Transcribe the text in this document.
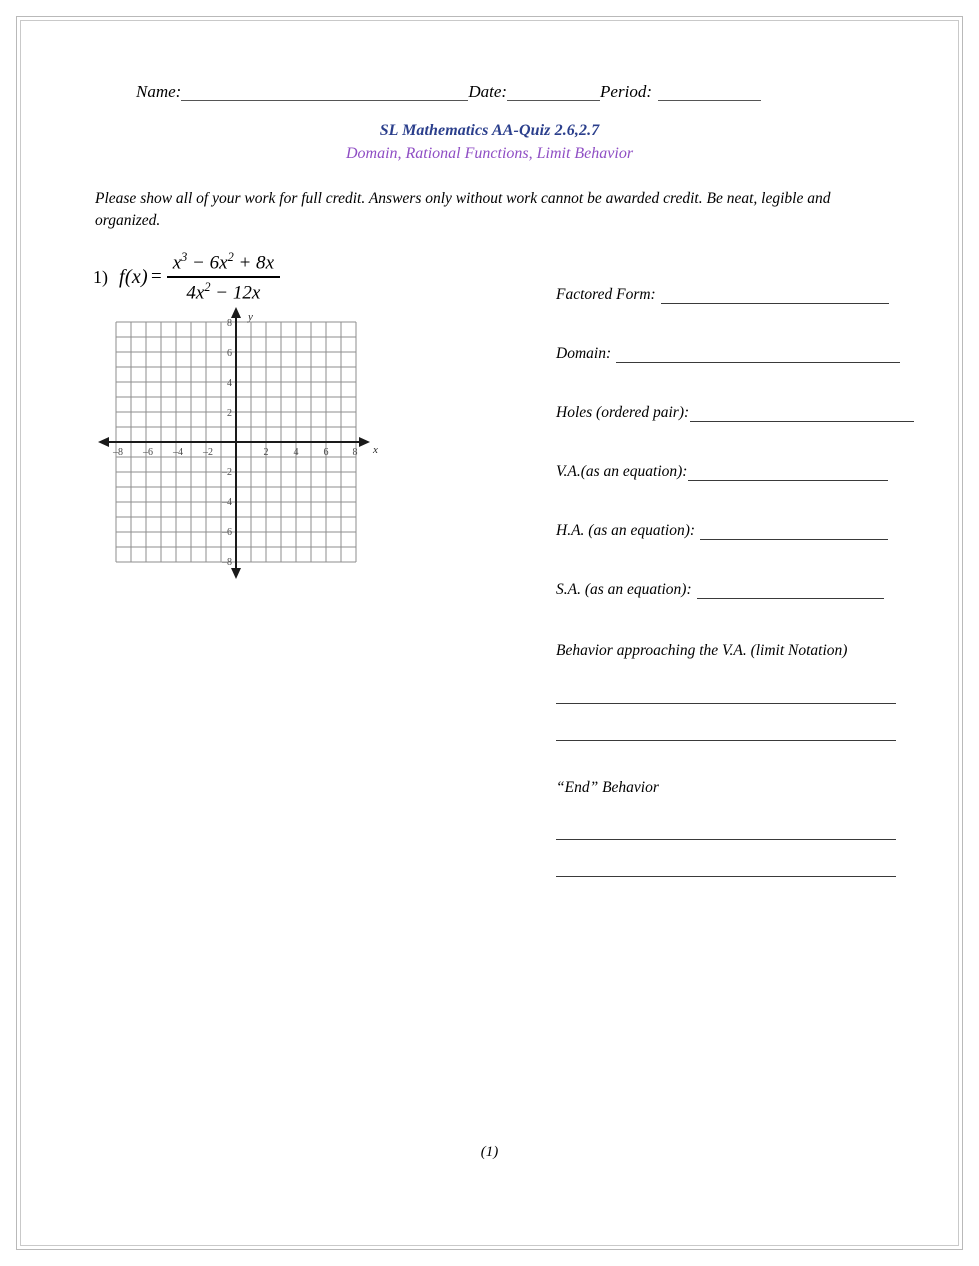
Name:	Date:	Period:
SL Mathematics AA-Quiz 2.6,2.7
Domain, Rational Functions, Limit Behavior
Please show all of your work for full credit. Answers only without work cannot be awarded credit. Be neat, legible and organized.
1) $f(x) = \frac{x^3 - 6x^2 + 8x}{4x^2 - 12x}$
y
x
–8 –6 –4 –2	2	4	6 8
8
6
4
2
–2
–4
–6
–8
Factored Form:
Domain:
Holes (ordered pair):
V.A.(as an equation):
H.A. (as an equation):
S.A. (as an equation):
Behavior approaching the V.A. (limit Notation)
“End” Behavior
(1)
